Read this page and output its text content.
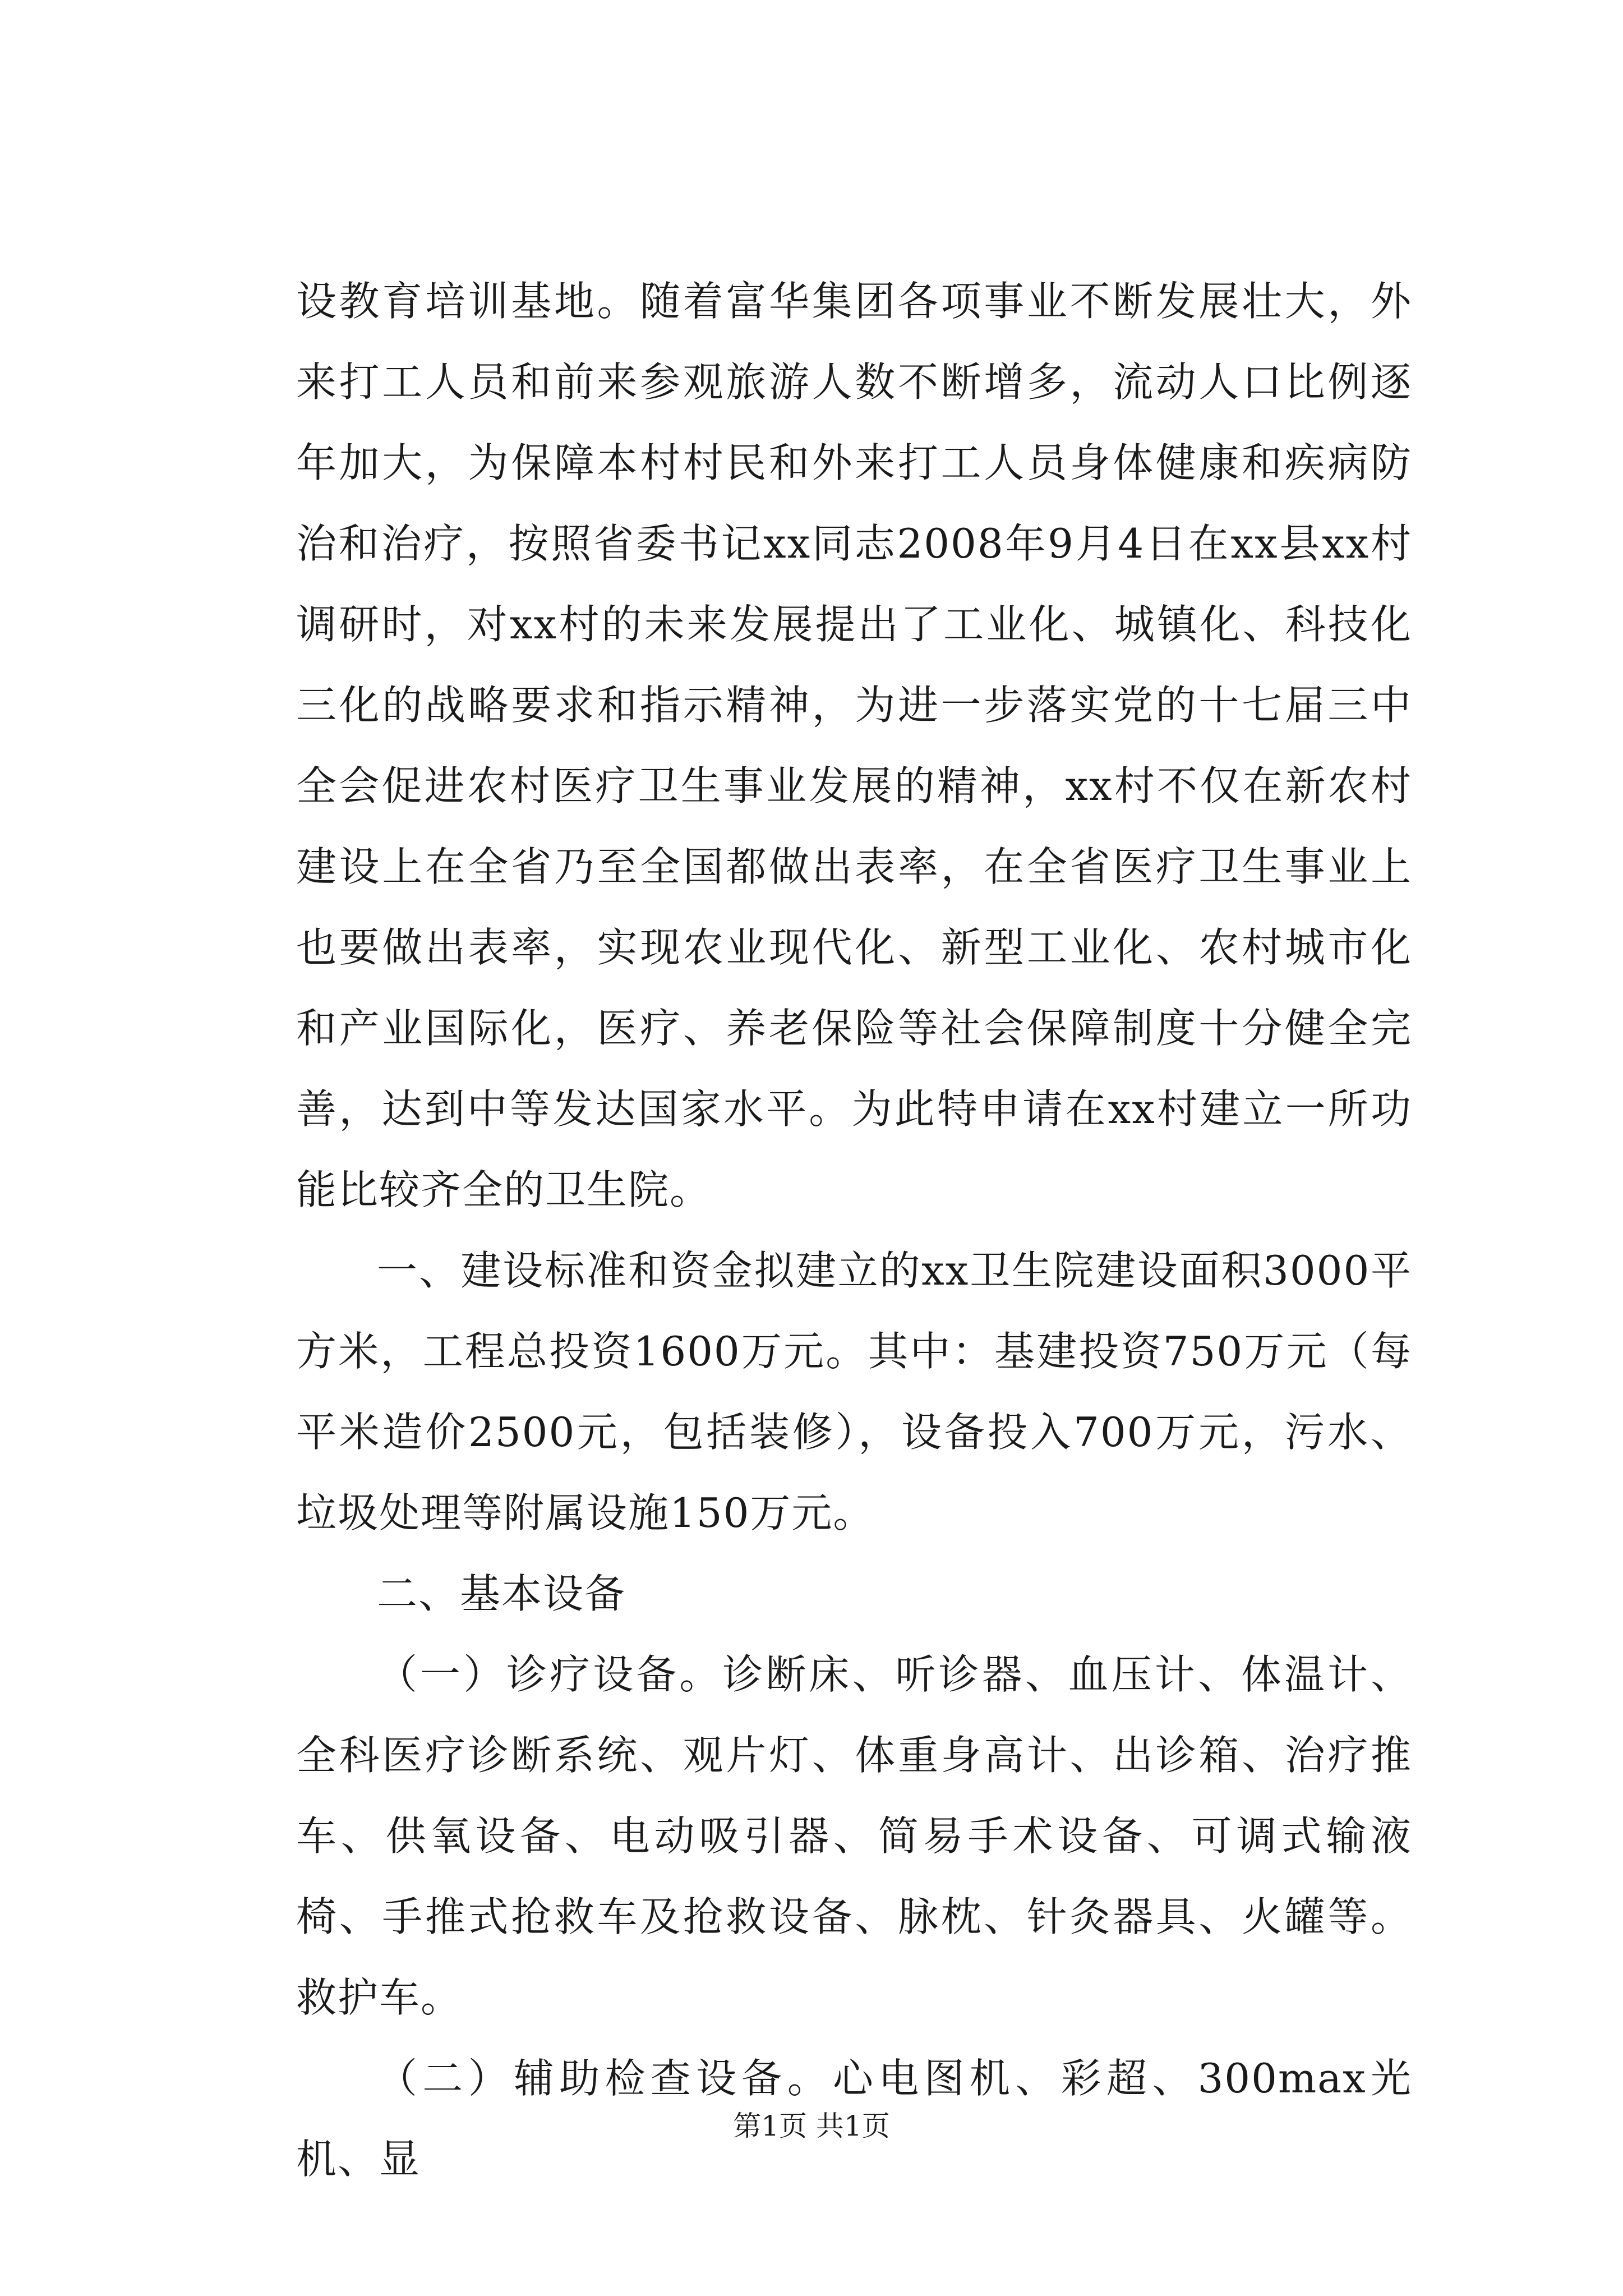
设教育培训基地。随着富华集团各项事业不断发展壮大，外来打工人员和前来参观旅游人数不断增多，流动人口比例逐年加大，为保障本村村民和外来打工人员身体健康和疾病防治和治疗，按照省委书记xx同志2008年9月4日在xx县xx村调研时，对xx村的未来发展提出了工业化、城镇化、科技化三化的战略要求和指示精神，为进一步落实党的十七届三中全会促进农村医疗卫生事业发展的精神，xx村不仅在新农村建设上在全省乃至全国都做出表率，在全省医疗卫生事业上也要做出表率，实现农业现代化、新型工业化、农村城市化和产业国际化，医疗、养老保险等社会保障制度十分健全完善，达到中等发达国家水平。为此特申请在xx村建立一所功能比较齐全的卫生院。

一、建设标准和资金拟建立的xx卫生院建设面积3000平方米，工程总投资1600万元。其中：基建投资750万元（每平米造价2500元，包括装修），设备投入700万元，污水、垃圾处理等附属设施150万元。

二、基本设备

（一）诊疗设备。诊断床、听诊器、血压计、体温计、全科医疗诊断系统、观片灯、体重身高计、出诊箱、治疗推车、供氧设备、电动吸引器、简易手术设备、可调式输液椅、手推式抢救车及抢救设备、脉枕、针灸器具、火罐等。救护车。

（二）辅助检查设备。心电图机、彩超、300max光机、显

第1页 共1页
